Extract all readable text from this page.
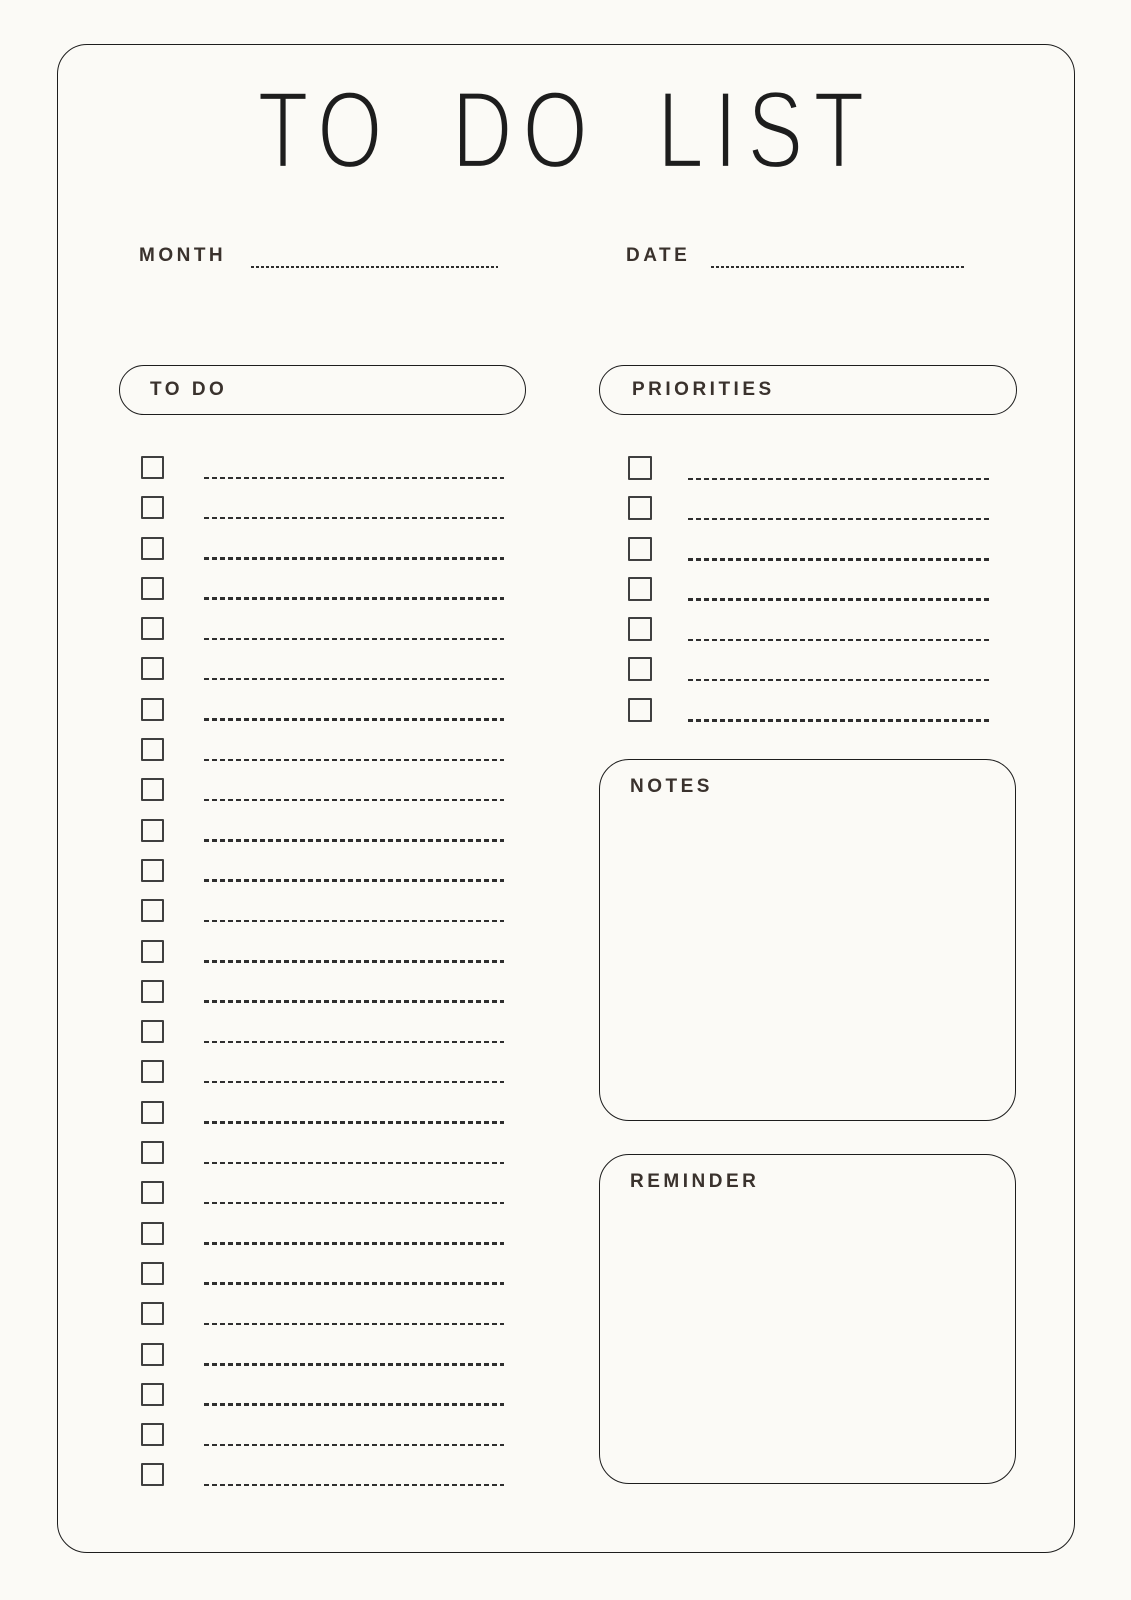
TO DO LIST
MONTH	DATE
TO DO	PRIORITIES
NOTES
REMINDER
